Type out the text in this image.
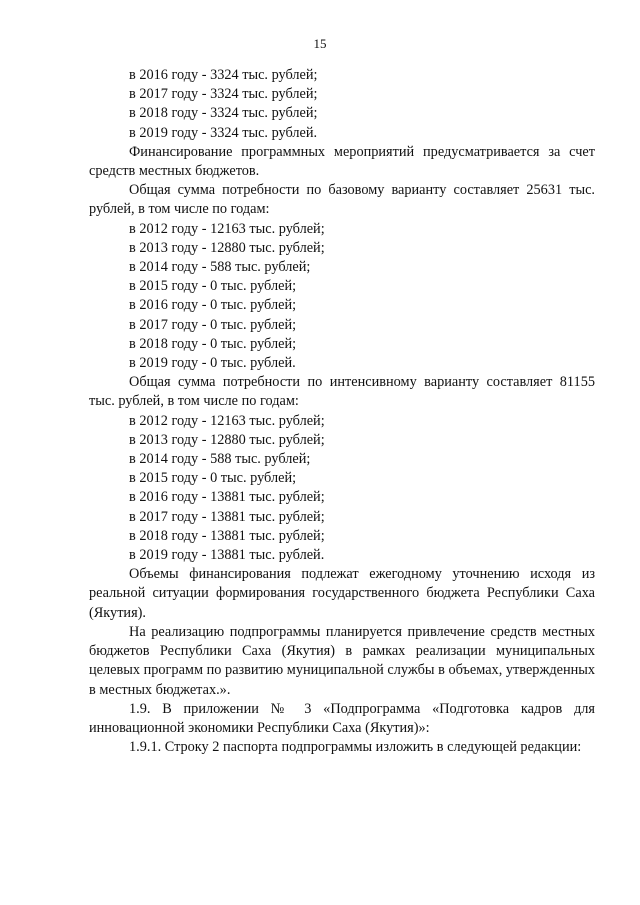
15
в 2016 году - 3324 тыс. рублей;
в 2017 году - 3324 тыс. рублей;
в 2018 году - 3324 тыс. рублей;
в 2019 году - 3324 тыс. рублей.

Финансирование программных мероприятий предусматривается за счет средств местных бюджетов.

Общая сумма потребности по базовому варианту составляет 25631 тыс. рублей, в том числе по годам:

в 2012 году - 12163 тыс. рублей;
в 2013 году - 12880 тыс. рублей;
в 2014 году - 588 тыс. рублей;
в 2015 году - 0 тыс. рублей;
в 2016 году - 0 тыс. рублей;
в 2017 году - 0 тыс. рублей;
в 2018 году - 0 тыс. рублей;
в 2019 году - 0 тыс. рублей.

Общая сумма потребности по интенсивному варианту составляет 81155 тыс. рублей, в том числе по годам:

в 2012 году - 12163 тыс. рублей;
в 2013 году - 12880 тыс. рублей;
в 2014 году - 588 тыс. рублей;
в 2015 году - 0 тыс. рублей;
в 2016 году - 13881 тыс. рублей;
в 2017 году - 13881 тыс. рублей;
в 2018 году - 13881 тыс. рублей;
в 2019 году - 13881 тыс. рублей.

Объемы финансирования подлежат ежегодному уточнению исходя из реальной ситуации формирования государственного бюджета Республики Саха (Якутия).

На реализацию подпрограммы планируется привлечение средств местных бюджетов Республики Саха (Якутия) в рамках реализации муниципальных целевых программ по развитию муниципальной службы в объемах, утвержденных в местных бюджетах.».

1.9. В приложении № 3 «Подпрограмма «Подготовка кадров для инновационной экономики Республики Саха (Якутия)»:

1.9.1. Строку 2 паспорта подпрограммы изложить в следующей редакции:
